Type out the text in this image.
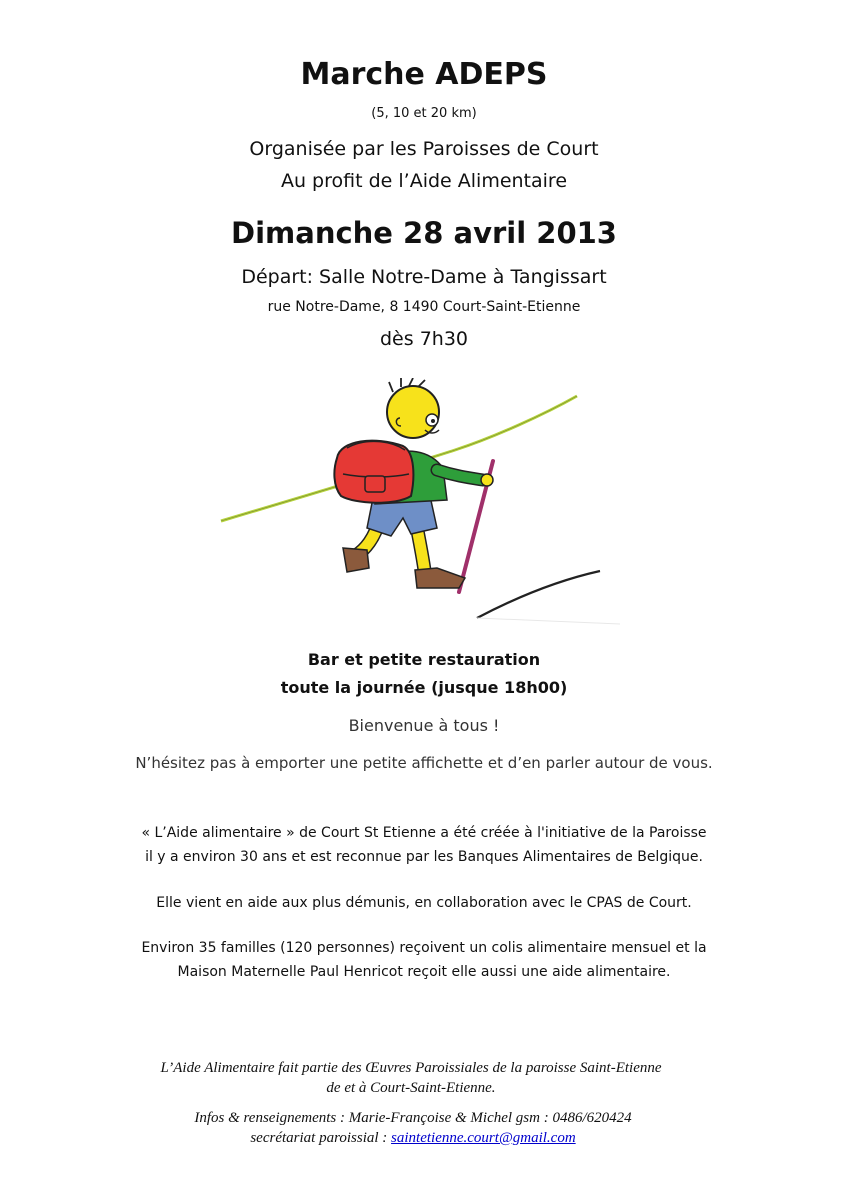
Marche ADEPS
(5, 10 et 20 km)
Organisée par les Paroisses de Court
Au profit de l’Aide Alimentaire
Dimanche 28 avril 2013
Départ: Salle Notre-Dame à Tangissart
rue Notre-Dame, 8 1490 Court-Saint-Etienne
dès 7h30
Bar et petite restauration
toute la journée (jusque 18h00)
Bienvenue à tous !
N’hésitez pas à emporter une petite affichette et d’en parler autour de vous.
« L’Aide alimentaire » de Court St Etienne a été créée à l'initiative de la Paroisse
il y a environ 30 ans et est reconnue par les Banques Alimentaires de Belgique.
Elle vient en aide aux plus démunis, en collaboration avec le CPAS de Court.
Environ 35 familles (120 personnes) reçoivent un colis alimentaire mensuel et la
Maison Maternelle Paul Henricot reçoit elle aussi une aide alimentaire.
L’Aide Alimentaire fait partie des Œuvres Paroissiales de la paroisse Saint-Etienne
de et à Court-Saint-Etienne.
Infos & renseignements : Marie-Françoise & Michel gsm : 0486/620424
secrétariat paroissial : saintetienne.court@gmail.com
